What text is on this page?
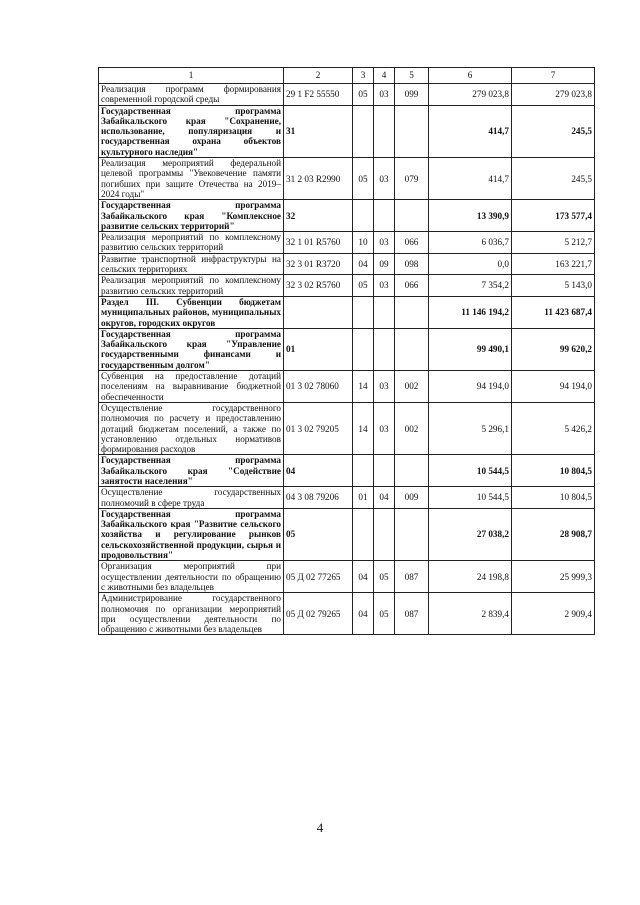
1	2	3	4	5	6	7
Реализация программ формирования современной городской среды	29 1 F2 55550	05	03	099	279 023,8	279 023,8
Государственная программа Забайкальского края "Сохранение, использование, популяризация и государственная охрана объектов культурного наследия"	31				414,7	245,5
Реализация мероприятий федеральной целевой программы "Увековечение памяти погибших при защите Отечества на 2019–2024 годы"	31 2 03 R2990	05	03	079	414,7	245,5
Государственная программа Забайкальского края "Комплексное развитие сельских территорий"	32				13 390,9	173 577,4
Реализация мероприятий по комплексному развитию сельских территорий	32 1 01 R5760	10	03	066	6 036,7	5 212,7
Развитие транспортной инфраструктуры на сельских территориях	32 3 01 R3720	04	09	098	0,0	163 221,7
Реализация мероприятий по комплексному развитию сельских территорий	32 3 02 R5760	05	03	066	7 354,2	5 143,0
Раздел III. Субвенции бюджетам муниципальных районов, муниципальных округов, городских округов					11 146 194,2	11 423 687,4
Государственная программа Забайкальского края "Управление государственными финансами и государственным долгом"	01				99 490,1	99 620,2
Субвенция на предоставление дотаций поселениям на выравнивание бюджетной обеспеченности	01 3 02 78060	14	03	002	94 194,0	94 194,0
Осуществление государственного полномочия по расчету и предоставлению дотаций бюджетам поселений, а также по установлению отдельных нормативов формирования расходов	01 3 02 79205	14	03	002	5 296,1	5 426,2
Государственная программа Забайкальского края "Содействие занятости населения"	04				10 544,5	10 804,5
Осуществление государственных полномочий в сфере труда	04 3 08 79206	01	04	009	10 544,5	10 804,5
Государственная программа Забайкальского края "Развитие сельского хозяйства и регулирование рынков сельскохозяйственной продукции, сырья и продовольствия"	05				27 038,2	28 908,7
Организация мероприятий при осуществлении деятельности по обращению с животными без владельцев	05 Д 02 77265	04	05	087	24 198,8	25 999,3
Администрирование государственного полномочия по организации мероприятий при осуществлении деятельности по обращению с животными без владельцев	05 Д 02 79265	04	05	087	2 839,4	2 909,4
4
